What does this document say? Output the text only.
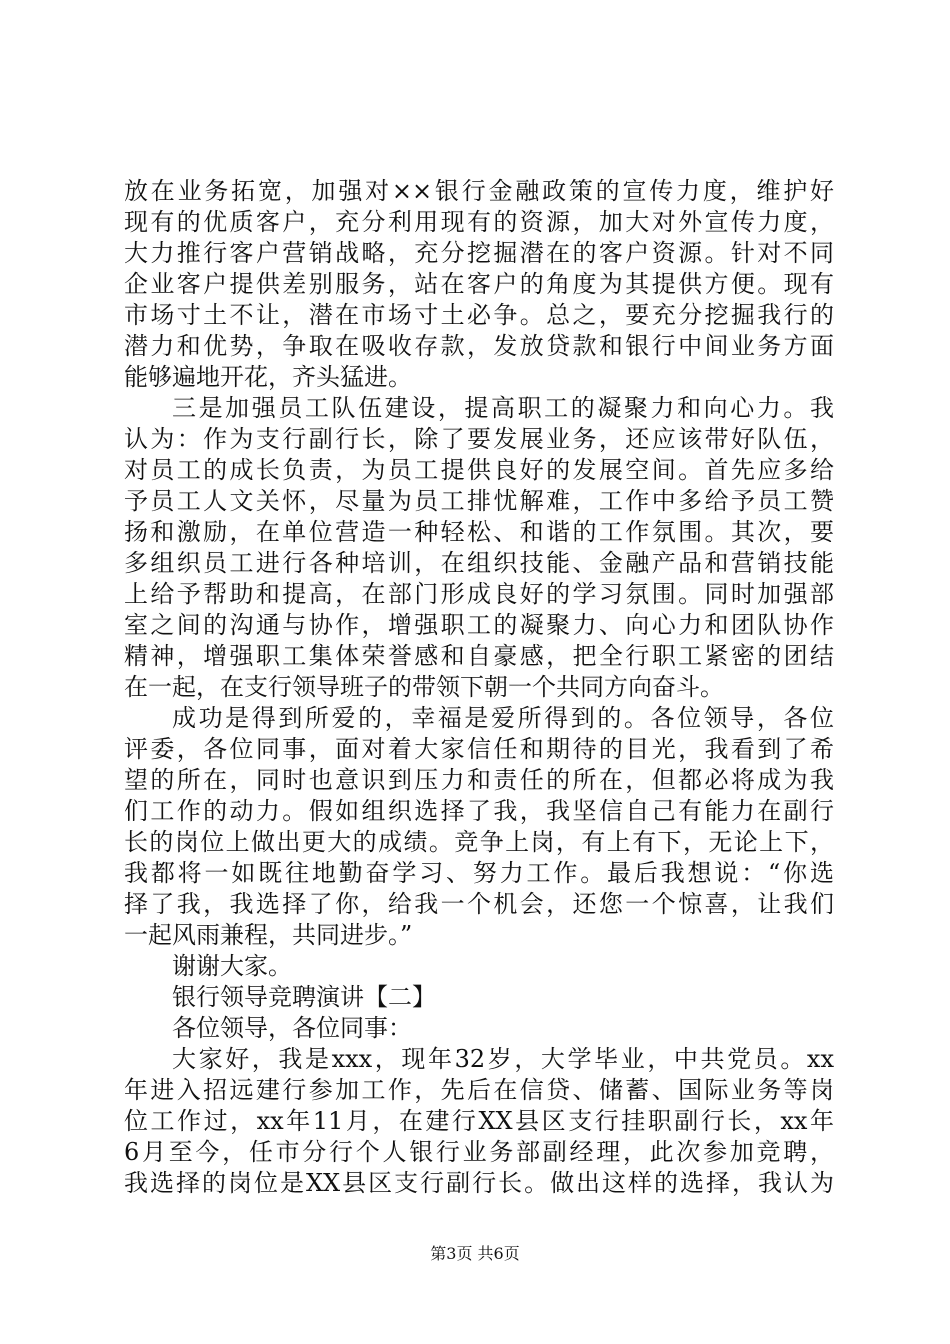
放在业务拓宽，加强对××银行金融政策的宣传力度，维护好
现有的优质客户，充分利用现有的资源，加大对外宣传力度，
大力推行客户营销战略，充分挖掘潜在的客户资源。针对不同
企业客户提供差别服务，站在客户的角度为其提供方便。现有
市场寸土不让，潜在市场寸土必争。总之，要充分挖掘我行的
潜力和优势，争取在吸收存款，发放贷款和银行中间业务方面
能够遍地开花，齐头猛进。
三是加强员工队伍建设，提高职工的凝聚力和向心力。我
认为：作为支行副行长，除了要发展业务，还应该带好队伍，
对员工的成长负责，为员工提供良好的发展空间。首先应多给
予员工人文关怀，尽量为员工排忧解难，工作中多给予员工赞
扬和激励，在单位营造一种轻松、和谐的工作氛围。其次，要
多组织员工进行各种培训，在组织技能、金融产品和营销技能
上给予帮助和提高，在部门形成良好的学习氛围。同时加强部
室之间的沟通与协作，增强职工的凝聚力、向心力和团队协作
精神，增强职工集体荣誉感和自豪感，把全行职工紧密的团结
在一起，在支行领导班子的带领下朝一个共同方向奋斗。
成功是得到所爱的，幸福是爱所得到的。各位领导，各位
评委，各位同事，面对着大家信任和期待的目光，我看到了希
望的所在，同时也意识到压力和责任的所在，但都必将成为我
们工作的动力。假如组织选择了我，我坚信自己有能力在副行
长的岗位上做出更大的成绩。竞争上岗，有上有下，无论上下，
我都将一如既往地勤奋学习、努力工作。最后我想说：“你选
择了我，我选择了你，给我一个机会，还您一个惊喜，让我们
一起风雨兼程，共同进步。”
谢谢大家。
银行领导竞聘演讲【二】
各位领导，各位同事：
大家好，我是xxx，现年32岁，大学毕业，中共党员。xx
年进入招远建行参加工作，先后在信贷、储蓄、国际业务等岗
位工作过，xx年11月，在建行XX县区支行挂职副行长，xx年
6月至今，任市分行个人银行业务部副经理，此次参加竞聘，
我选择的岗位是XX县区支行副行长。做出这样的选择，我认为
第3页 共6页
